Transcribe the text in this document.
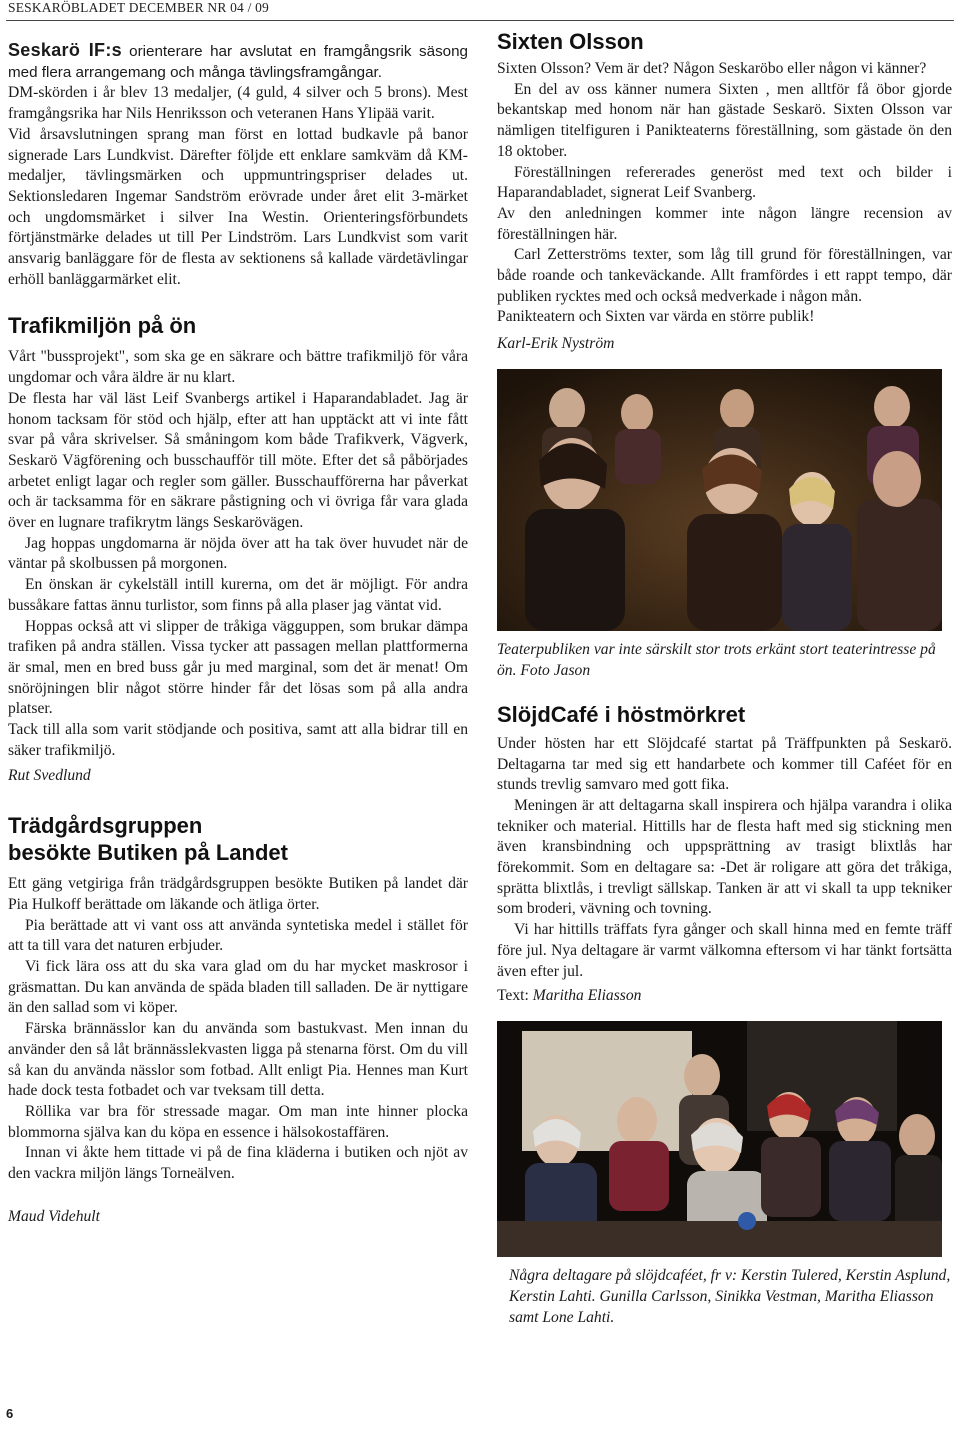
SESKARÖBLADET DECEMBER NR 04 / 09

Seskarö IF:s orienterare har avslutat en framgångsrik säsong med flera arrangemang och många tävlingsframgångar.

DM-skörden i år blev 13 medaljer, (4 guld, 4 silver och 5 brons). Mest framgångsrika har Nils Henriksson och veteranen Hans Ylipää varit.

Vid årsavslutningen sprang man först en lottad budkavle på banor signerade Lars Lundkvist. Därefter följde ett enklare samkväm då KM-medaljer, tävlingsmärken och uppmuntringspriser delades ut. Sektionsledaren Ingemar Sandström erövrade under året elit 3-märket och ungdomsmärket i silver Ina Westin. Orienteringsförbundets förtjänstmärke delades ut till Per Lindström. Lars Lundkvist som varit ansvarig banläggare för de flesta av sektionens så kallade värdetävlingar erhöll banläggarmärket elit.

Trafikmiljön på ön

Vårt "bussprojekt", som ska ge en säkrare och bättre trafikmiljö för våra ungdomar och våra äldre är nu klart.

De flesta har väl läst Leif Svanbergs artikel i Haparandabladet. Jag är honom tacksam för stöd och hjälp, efter att han upptäckt att vi inte fått svar på våra skrivelser. Så småningom kom både Trafikverk, Vägverk, Seskarö Vägförening och busschaufför till möte. Efter det så påbörjades arbetet enligt lagar och regler som gäller. Busschaufförerna har påverkat och är tacksamma för en säkrare påstigning och vi övriga får vara glada över en lugnare trafikrytm längs Seskarövägen.

Jag hoppas ungdomarna är nöjda över att ha tak över huvudet när de väntar på skolbussen på morgonen.

En önskan är cykelställ intill kurerna, om det är möjligt. För andra bussåkare fattas ännu turlistor, som finns på alla plaser jag väntat vid.

Hoppas också att vi slipper de tråkiga vägguppen, som brukar dämpa trafiken på andra ställen. Vissa tycker att passagen mellan plattformerna är smal, men en bred buss går ju med marginal, som det är menat! Om snöröjningen blir något större hinder får det lösas som på alla andra platser.

Tack till alla som varit stödjande och positiva, samt att alla bidrar till en säker trafikmiljö.

Rut Svedlund
Trädgårdsgruppen
besökte Butiken på Landet

Ett gäng vetgiriga från trädgårdsgruppen besökte Butiken på landet där Pia Hulkoff berättade om läkande och ätliga örter.

Pia berättade att vi vant oss att använda syntetiska medel i stället för att ta till vara det naturen erbjuder.

Vi fick lära oss att du ska vara glad om du har mycket maskrosor i gräsmattan. Du kan använda de späda bladen till salladen. De är nyttigare än den sallad som vi köper.

Färska brännässlor kan du använda som bastukvast. Men innan du använder den så låt brännässlekvasten ligga på stenarna först. Om du vill så kan du använda nässlor som fotbad. Allt enligt Pia. Hennes man Kurt hade dock testa fotbadet och var tveksam till detta.

Röllika var bra för stressade magar. Om man inte hinner plocka blommorna själva kan du köpa en essence i hälsokostaffären.

Innan vi åkte hem tittade vi på de fina kläderna i butiken och njöt av den vackra miljön längs Torneälven.

Maud Videhult
Sixten Olsson

Sixten Olsson? Vem är det? Någon Seskaröbo eller någon vi känner?

En del av oss känner numera Sixten , men alltför få öbor gjorde bekantskap med honom när han gästade Seskarö. Sixten Olsson var nämligen titelfiguren i Panikteaterns föreställning, som gästade ön den 18 oktober.

Föreställningen refererades generöst med text och bilder i Haparandabladet, signerat Leif Svanberg.

Av den anledningen kommer inte någon längre recension av föreställningen här.

Carl Zetterströms texter, som låg till grund för föreställningen, var både roande och tankeväckande. Allt framfördes i ett rappt tempo, där publiken rycktes med och också medverkade i någon mån.

Panikteatern och Sixten var värda en större publik!

Karl-Erik Nyström
Teaterpubliken var inte särskilt stor trots erkänt stort teaterintresse på ön. Foto Jason
SlöjdCafé i höstmörkret

Under hösten har ett Slöjdcafé startat på Träffpunkten på Seskarö. Deltagarna tar med sig ett handarbete och kommer till Caféet för en stunds trevlig samvaro med gott fika.

Meningen är att deltagarna skall inspirera och hjälpa varandra i olika tekniker och material. Hittills har de flesta haft med sig stickning men även kransbindning och uppsprättning av trasigt blixtlås har förekommit. Som en deltagare sa: -Det är roligare att göra det tråkiga, sprätta blixtlås, i trevligt sällskap. Tanken är att vi skall ta upp tekniker som broderi, vävning och tovning.

Vi har hittills träffats fyra gånger och skall hinna med en femte träff före jul. Nya deltagare är varmt välkomna eftersom vi har tänkt fortsätta även efter jul.

Text: Maritha Eliasson

Några deltagare på slöjdcaféet, fr v: Kerstin Tulered, Kerstin Asplund, Kerstin Lahti. Gunilla Carlsson, Sinikka Vestman, Maritha Eliasson samt Lone Lahti.
6
